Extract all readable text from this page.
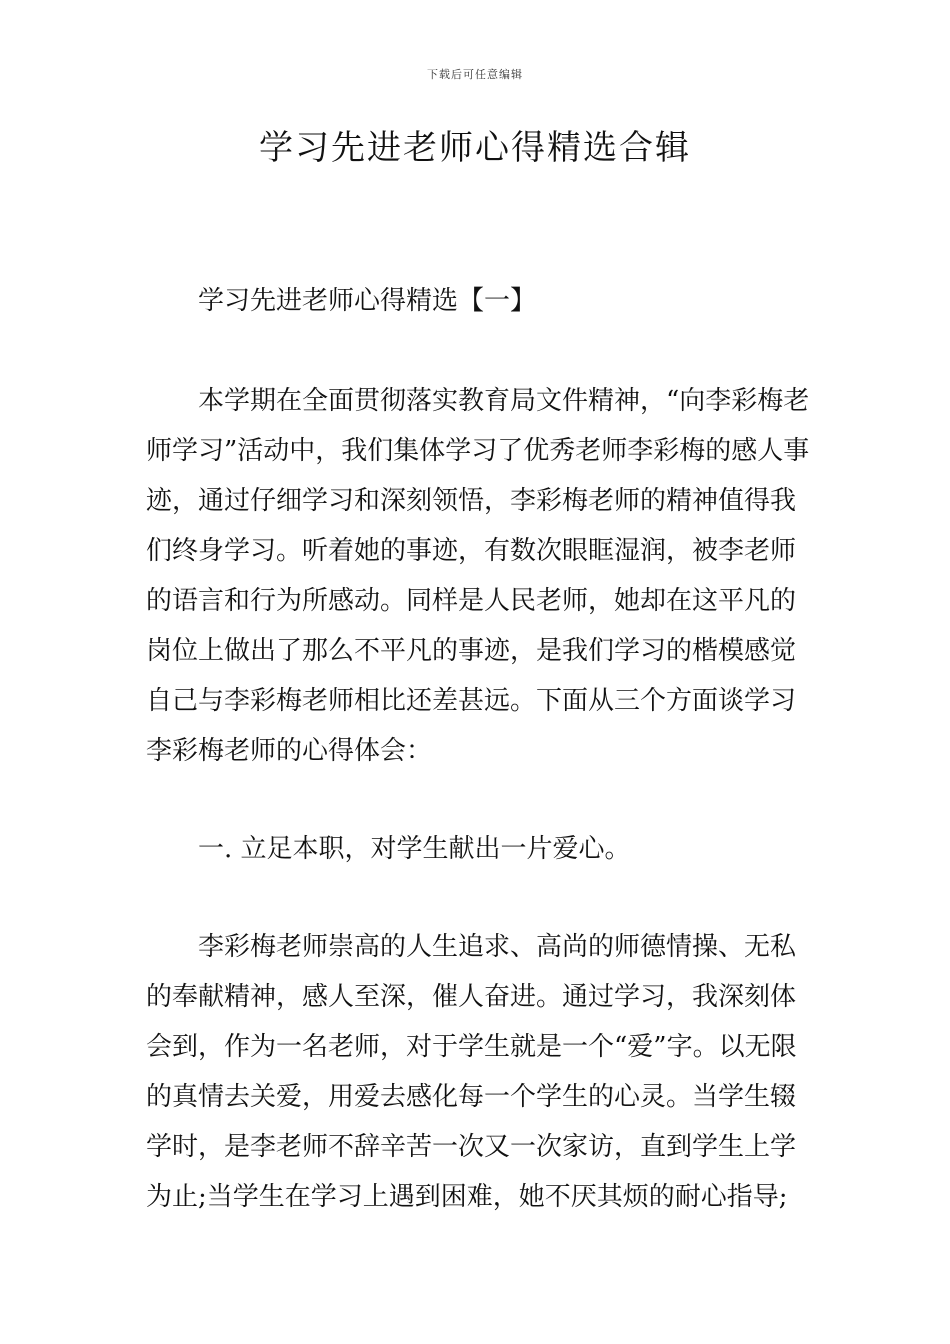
下载后可任意编辑
学习先进老师心得精选合辑

学习先进老师心得精选【一】

本学期在全面贯彻落实教育局文件精神，“向李彩梅老师学习”活动中，我们集体学习了优秀老师李彩梅的感人事迹，通过仔细学习和深刻领悟，李彩梅老师的精神值得我们终身学习。听着她的事迹，有数次眼眶湿润，被李老师的语言和行为所感动。同样是人民老师，她却在这平凡的岗位上做出了那么不平凡的事迹，是我们学习的楷模感觉自己与李彩梅老师相比还差甚远。下面从三个方面谈学习李彩梅老师的心得体会：

一. 立足本职，对学生献出一片爱心。

李彩梅老师崇高的人生追求、高尚的师德情操、无私的奉献精神，感人至深，催人奋进。通过学习，我深刻体会到，作为一名老师，对于学生就是一个“爱”字。以无限的真情去关爱，用爱去感化每一个学生的心灵。当学生辍学时，是李老师不辞辛苦一次又一次家访，直到学生上学为止;当学生在学习上遇到困难，她不厌其烦的耐心指导;
